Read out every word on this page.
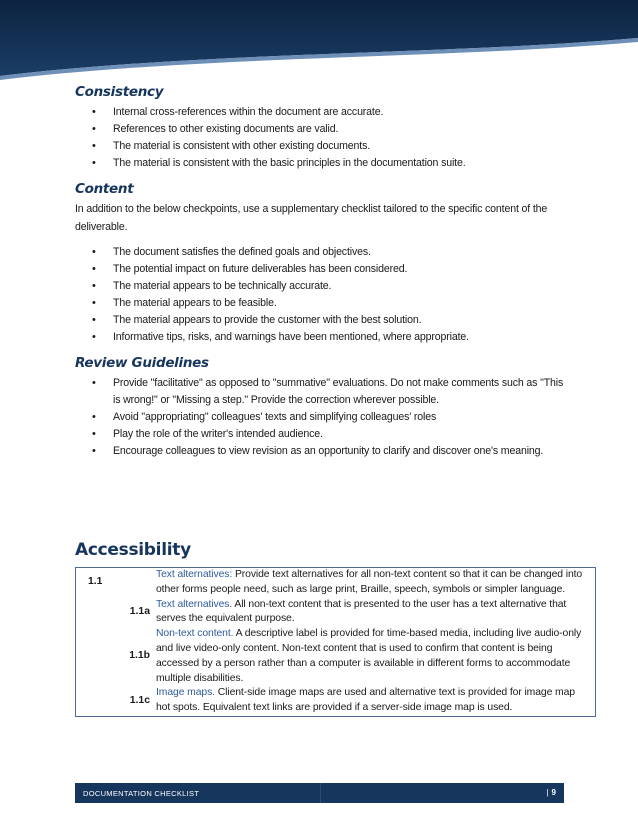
Consistency
• Internal cross-references within the document are accurate.
• References to other existing documents are valid.
• The material is consistent with other existing documents.
• The material is consistent with the basic principles in the documentation suite.
Content

In addition to the below checkpoints, use a supplementary checklist tailored to the specific content of the deliverable.

• The document satisfies the defined goals and objectives.
• The potential impact on future deliverables has been considered.
• The material appears to be technically accurate.
• The material appears to be feasible.
• The material appears to provide the customer with the best solution.
• Informative tips, risks, and warnings have been mentioned, where appropriate.
Review Guidelines
• Provide "facilitative" as opposed to "summative" evaluations. Do not make comments such as "This is wrong!" or "Missing a step." Provide the correction wherever possible.
• Avoid "appropriating" colleagues' texts and simplifying colleagues' roles
• Play the role of the writer's intended audience.
• Encourage colleagues to view revision as an opportunity to clarify and discover one's meaning.
Accessibility
1.1	Text alternatives: Provide text alternatives for all non-text content so that it can be changed into other forms people need, such as large print, Braille, speech, symbols or simpler language.
1.1a	Text alternatives. All non-text content that is presented to the user has a text alternative that serves the equivalent purpose.
1.1b	Non-text content. A descriptive label is provided for time-based media, including live audio-only and live video-only content. Non-text content that is used to confirm that content is being accessed by a person rather than a computer is available in different forms to accommodate multiple disabilities.
1.1c	Image maps. Client-side image maps are used and alternative text is provided for image map hot spots. Equivalent text links are provided if a server-side image map is used.
DOCUMENTATION CHECKLIST	| 9
